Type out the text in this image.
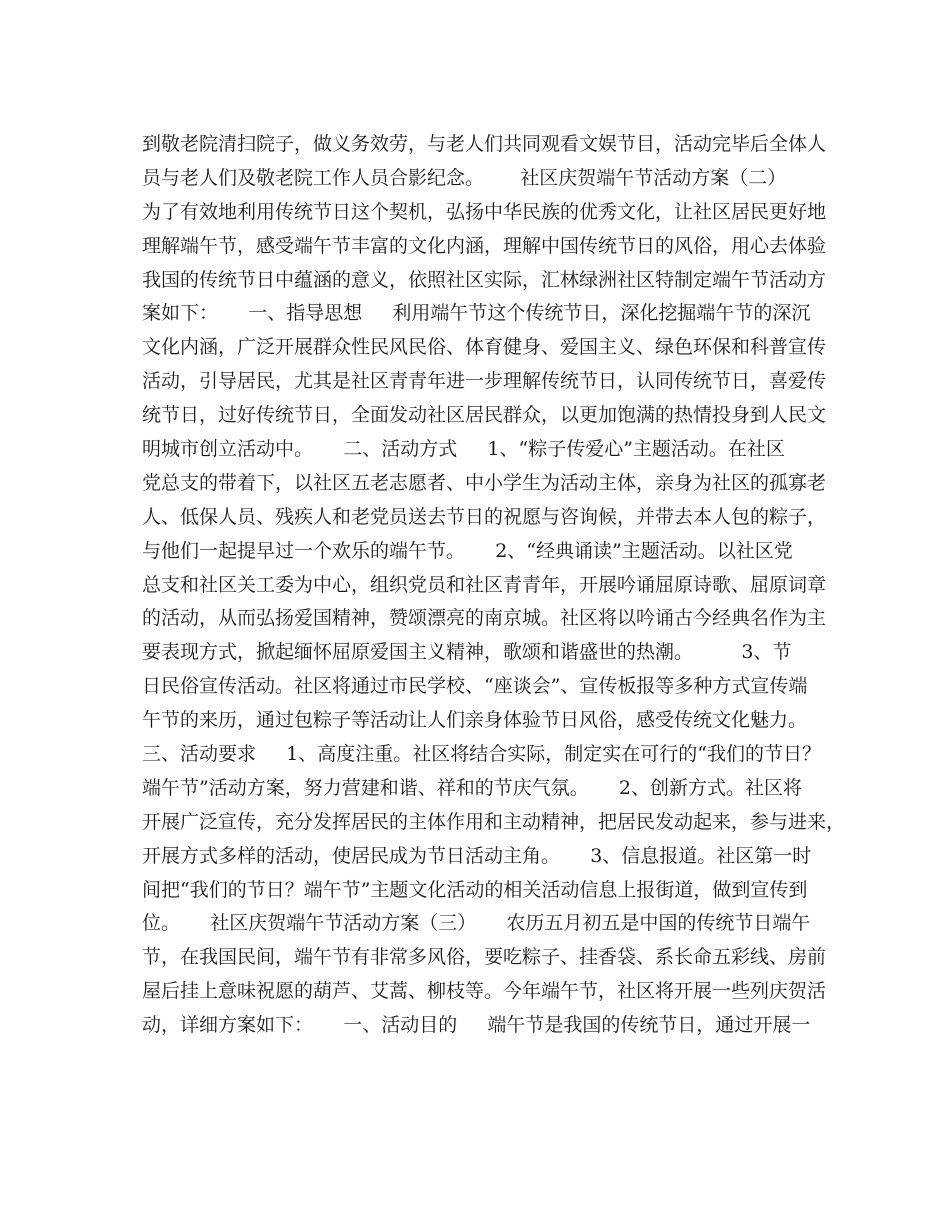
到敬老院清扫院子，做义务效劳，与老人们共同观看文娱节目，活动完毕后全体人
员与老人们及敬老院工作人员合影纪念。      社区庆贺端午节活动方案（二）
为了有效地利用传统节日这个契机，弘扬中华民族的优秀文化，让社区居民更好地
理解端午节，感受端午节丰富的文化内涵，理解中国传统节日的风俗，用心去体验
我国的传统节日中蕴涵的意义，依照社区实际，汇林绿洲社区特制定端午节活动方
案如下：     一、指导思想     利用端午节这个传统节日，深化挖掘端午节的深沉
文化内涵，广泛开展群众性民风民俗、体育健身、爱国主义、绿色环保和科普宣传
活动，引导居民，尤其是社区青青年进一步理解传统节日，认同传统节日，喜爱传
统节日，过好传统节日，全面发动社区居民群众，以更加饱满的热情投身到人民文
明城市创立活动中。     二、活动方式     1、“粽子传爱心”主题活动。在社区
党总支的带着下，以社区五老志愿者、中小学生为活动主体，亲身为社区的孤寡老
人、低保人员、残疾人和老党员送去节日的祝愿与咨询候，并带去本人包的粽子，
与他们一起提早过一个欢乐的端午节。     2、“经典诵读”主题活动。以社区党
总支和社区关工委为中心，组织党员和社区青青年，开展吟诵屈原诗歌、屈原词章
的活动，从而弘扬爱国精神，赞颂漂亮的南京城。社区将以吟诵古今经典名作为主
要表现方式，掀起缅怀屈原爱国主义精神，歌颂和谐盛世的热潮。        3、节
日民俗宣传活动。社区将通过市民学校、“座谈会”、宣传板报等多种方式宣传端
午节的来历，通过包粽子等活动让人们亲身体验节日风俗，感受传统文化魅力。
三、活动要求     1、高度注重。社区将结合实际，制定实在可行的“我们的节日？
端午节”活动方案，努力营建和谐、祥和的节庆气氛。     2、创新方式。社区将
开展广泛宣传，充分发挥居民的主体作用和主动精神，把居民发动起来，参与进来，
开展方式多样的活动，使居民成为节日活动主角。     3、信息报道。社区第一时
间把“我们的节日？端午节”主题文化活动的相关活动信息上报街道，做到宣传到
位。     社区庆贺端午节活动方案（三）     农历五月初五是中国的传统节日端午
节，在我国民间，端午节有非常多风俗，要吃粽子、挂香袋、系长命五彩线、房前
屋后挂上意味祝愿的葫芦、艾蒿、柳枝等。今年端午节，社区将开展一些列庆贺活
动，详细方案如下：     一、活动目的     端午节是我国的传统节日，通过开展一
